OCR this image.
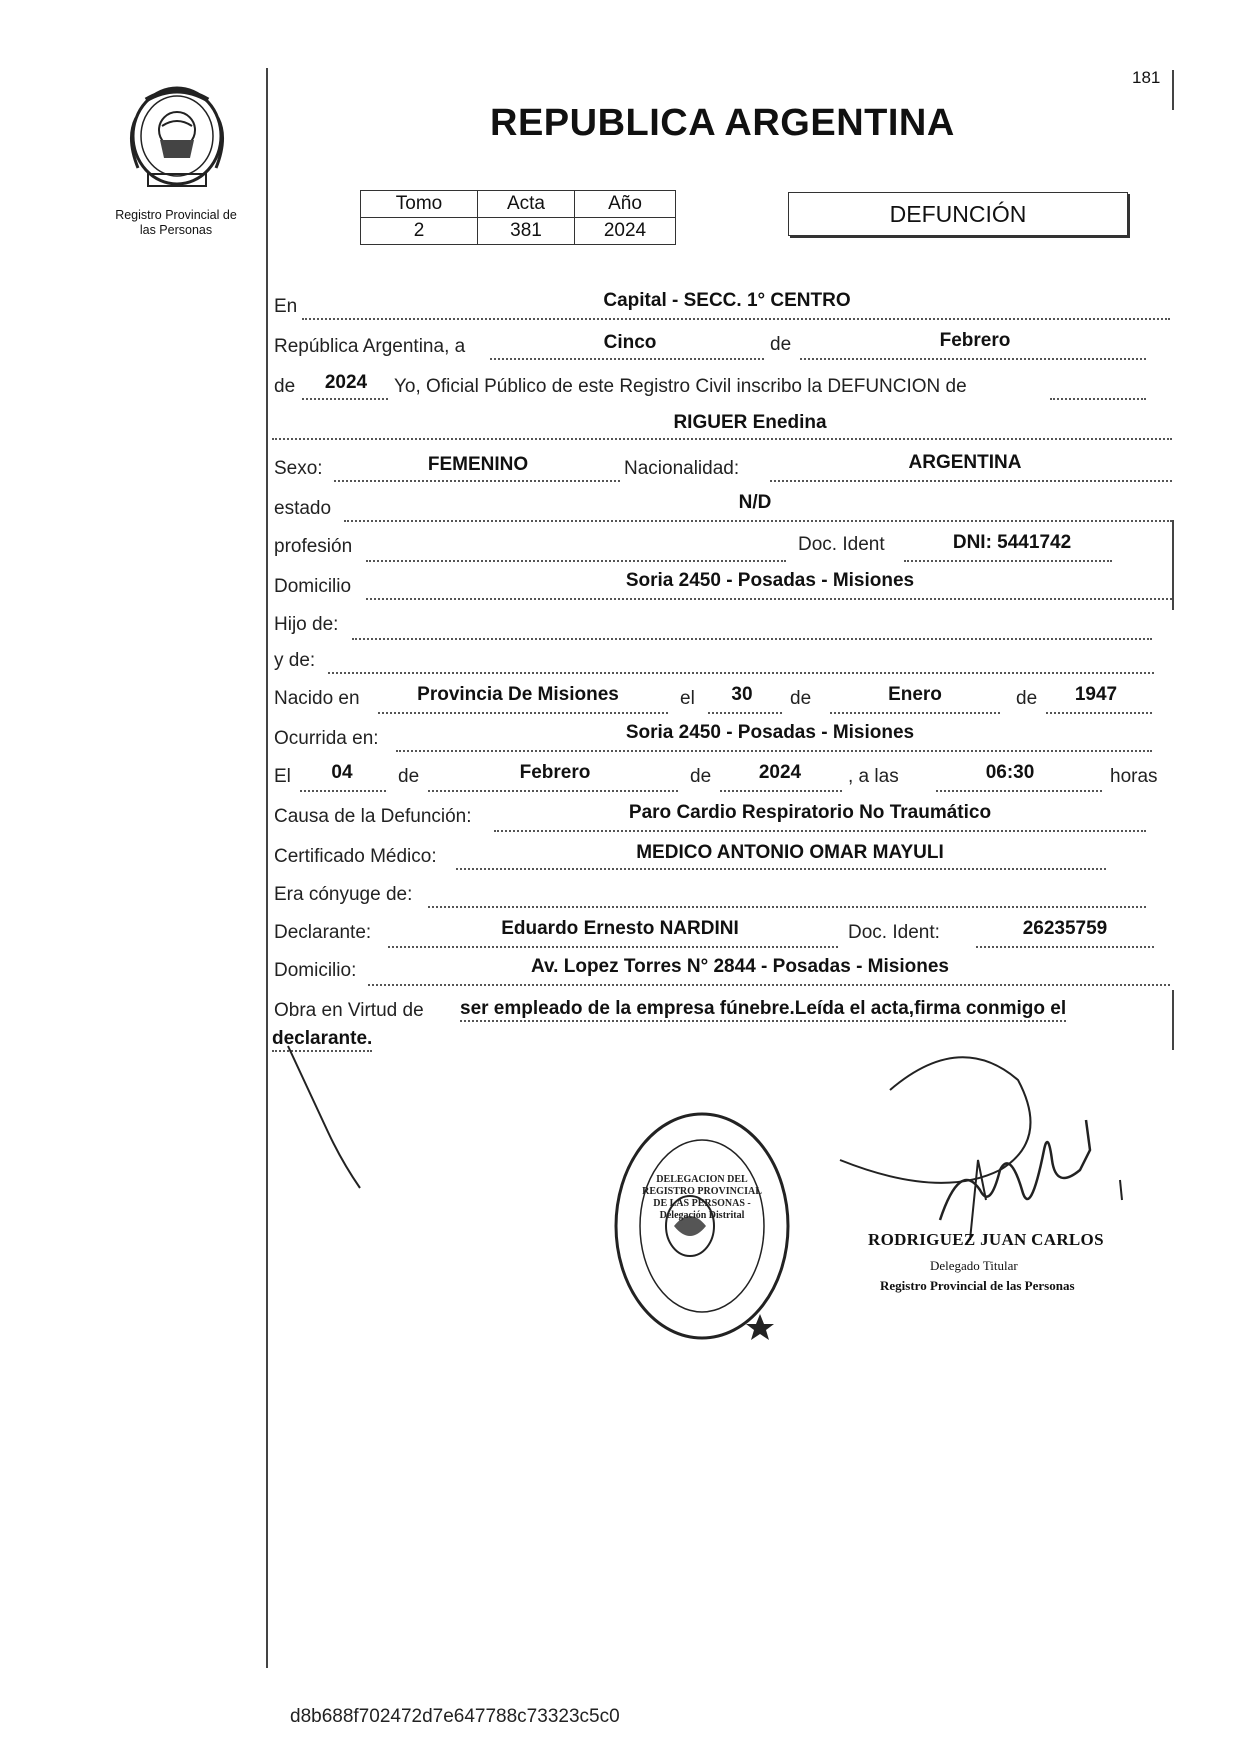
Registro Provincial de
las Personas
181
REPUBLICA ARGENTINA
Tomo	Acta	Año
2	381	2024
DEFUNCIÓN
En	Capital - SECC. 1° CENTRO
República Argentina, a	Cinco	de	Febrero
de	2024	Yo, Oficial Público de este Registro Civil inscribo la DEFUNCION de
RIGUER Enedina
Sexo:	FEMENINO	Nacionalidad:	ARGENTINA
estado	N/D
profesión	Doc. Ident	DNI: 5441742
Domicilio	Soria 2450 - Posadas - Misiones
Hijo de:
y de:
Nacido en	Provincia De Misiones	el	30	de	Enero	de	1947
Ocurrida en:	Soria 2450 - Posadas - Misiones
El	04	de	Febrero	de	2024	, a las	06:30	horas
Causa de la Defunción:	Paro Cardio Respiratorio No Traumático
Certificado Médico:	MEDICO ANTONIO OMAR MAYULI
Era cónyuge de:
Declarante:	Eduardo Ernesto NARDINI	Doc. Ident:	26235759
Domicilio:	Av. Lopez Torres N° 2844 - Posadas - Misiones
Obra en Virtud de ser empleado de la empresa fúnebre.Leída el acta,firma conmigo el
declarante.
DELEGACION DEL REGISTRO PROVINCIAL DE LAS PERSONAS - Delegación Distrital
RODRIGUEZ JUAN CARLOS
Delegado Titular
Registro Provincial de las Personas
d8b688f702472d7e647788c73323c5c0
